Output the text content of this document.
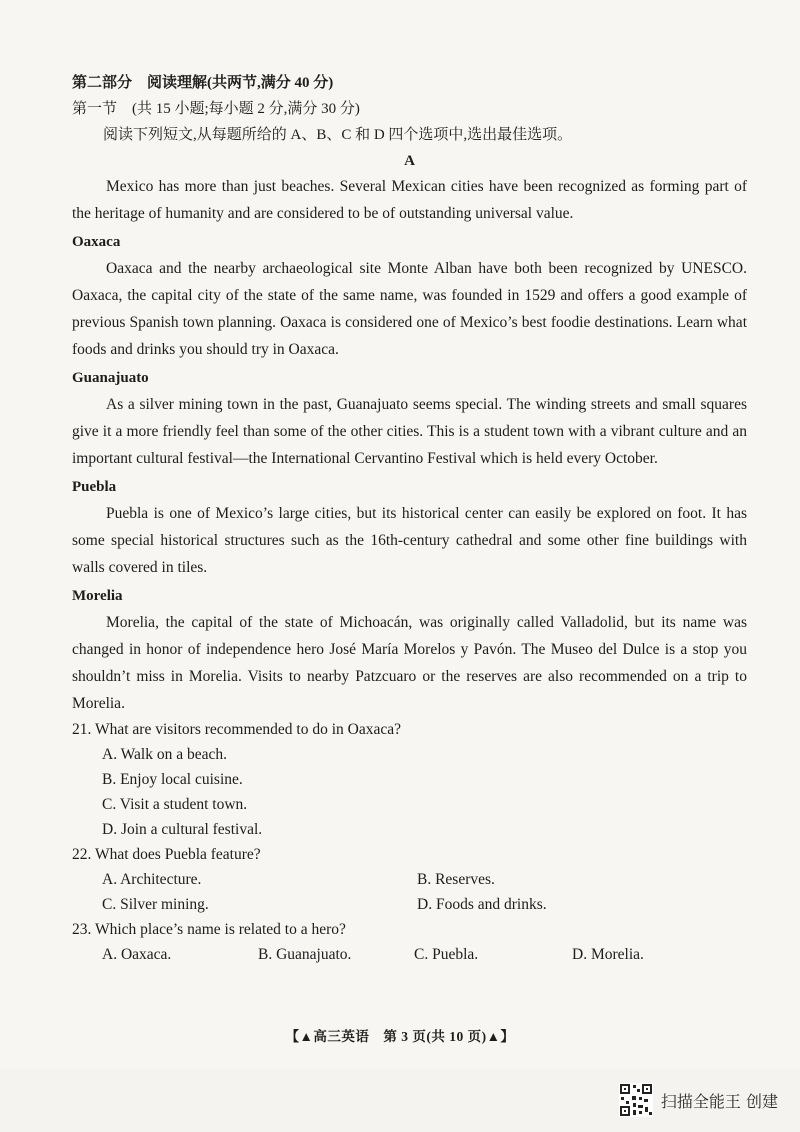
第二部分　阅读理解(共两节,满分 40 分)
第一节　(共 15 小题;每小题 2 分,满分 30 分)
阅读下列短文,从每题所给的 A、B、C 和 D 四个选项中,选出最佳选项。
A

Mexico has more than just beaches. Several Mexican cities have been recognized as forming part of the heritage of humanity and are considered to be of outstanding universal value.

Oaxaca

Oaxaca and the nearby archaeological site Monte Alban have both been recognized by UNESCO. Oaxaca, the capital city of the state of the same name, was founded in 1529 and offers a good example of previous Spanish town planning. Oaxaca is considered one of Mexico’s best foodie destinations. Learn what foods and drinks you should try in Oaxaca.

Guanajuato

As a silver mining town in the past, Guanajuato seems special. The winding streets and small squares give it a more friendly feel than some of the other cities. This is a student town with a vibrant culture and an important cultural festival—the International Cervantino Festival which is held every October.

Puebla

Puebla is one of Mexico’s large cities, but its historical center can easily be explored on foot. It has some special historical structures such as the 16th-century cathedral and some other fine buildings with walls covered in tiles.

Morelia

Morelia, the capital of the state of Michoacán, was originally called Valladolid, but its name was changed in honor of independence hero José María Morelos y Pavón. The Museo del Dulce is a stop you shouldn’t miss in Morelia. Visits to nearby Patzcuaro or the reserves are also recommended on a trip to Morelia.

21. What are visitors recommended to do in Oaxaca?
A. Walk on a beach.
B. Enjoy local cuisine.
C. Visit a student town.
D. Join a cultural festival.
22. What does Puebla feature?
A. Architecture.	B. Reserves.
C. Silver mining.	D. Foods and drinks.
23. Which place’s name is related to a hero?
A. Oaxaca.	B. Guanajuato.	C. Puebla.	D. Morelia.
【▲高三英语　第 3 页(共 10 页)▲】
扫描全能王 创建
